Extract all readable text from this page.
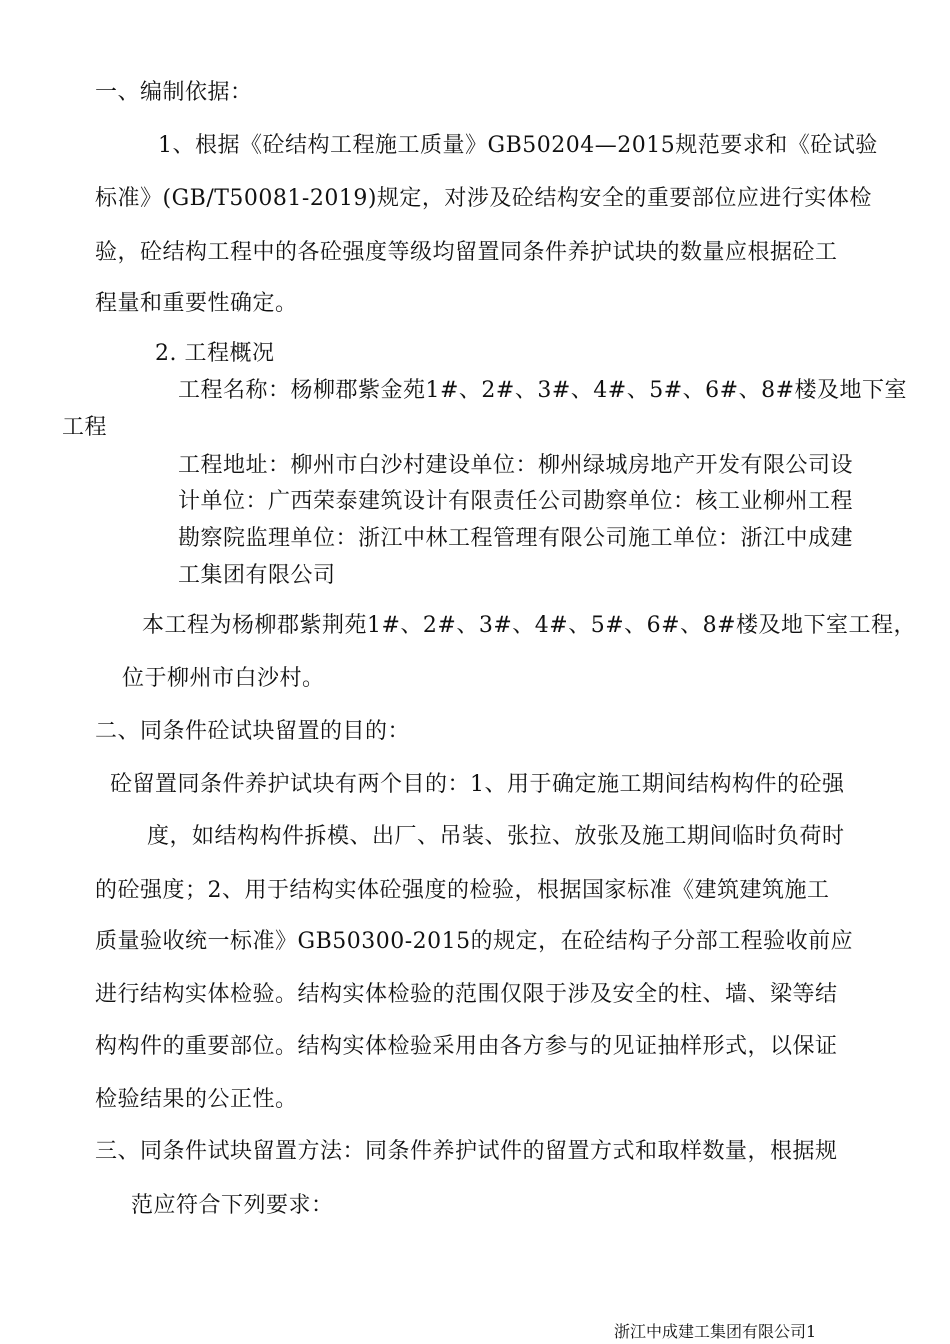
一、编制依据：
1、根据《砼结构工程施工质量》GB50204—2015规范要求和《砼试验
标准》(GB/T50081-2019)规定，对涉及砼结构安全的重要部位应进行实体检
验，砼结构工程中的各砼强度等级均留置同条件养护试块的数量应根据砼工
程量和重要性确定。
2. 工程概况
工程名称：杨柳郡紫金苑1#、2#、3#、4#、5#、6#、8#楼及地下室
工程
工程地址：柳州市白沙村建设单位：柳州绿城房地产开发有限公司设
计单位：广西荣泰建筑设计有限责任公司勘察单位：核工业柳州工程
勘察院监理单位：浙江中林工程管理有限公司施工单位：浙江中成建
工集团有限公司
本工程为杨柳郡紫荆苑1#、2#、3#、4#、5#、6#、8#楼及地下室工程，
位于柳州市白沙村。
二、同条件砼试块留置的目的：
砼留置同条件养护试块有两个目的：1、用于确定施工期间结构构件的砼强
度，如结构构件拆模、出厂、吊装、张拉、放张及施工期间临时负荷时
的砼强度；2、用于结构实体砼强度的检验，根据国家标准《建筑建筑施工
质量验收统一标准》GB50300-2015的规定，在砼结构子分部工程验收前应
进行结构实体检验。结构实体检验的范围仅限于涉及安全的柱、墙、梁等结
构构件的重要部位。结构实体检验采用由各方参与的见证抽样形式，以保证
检验结果的公正性。
三、同条件试块留置方法：同条件养护试件的留置方式和取样数量，根据规
范应符合下列要求：
浙江中成建工集团有限公司1
